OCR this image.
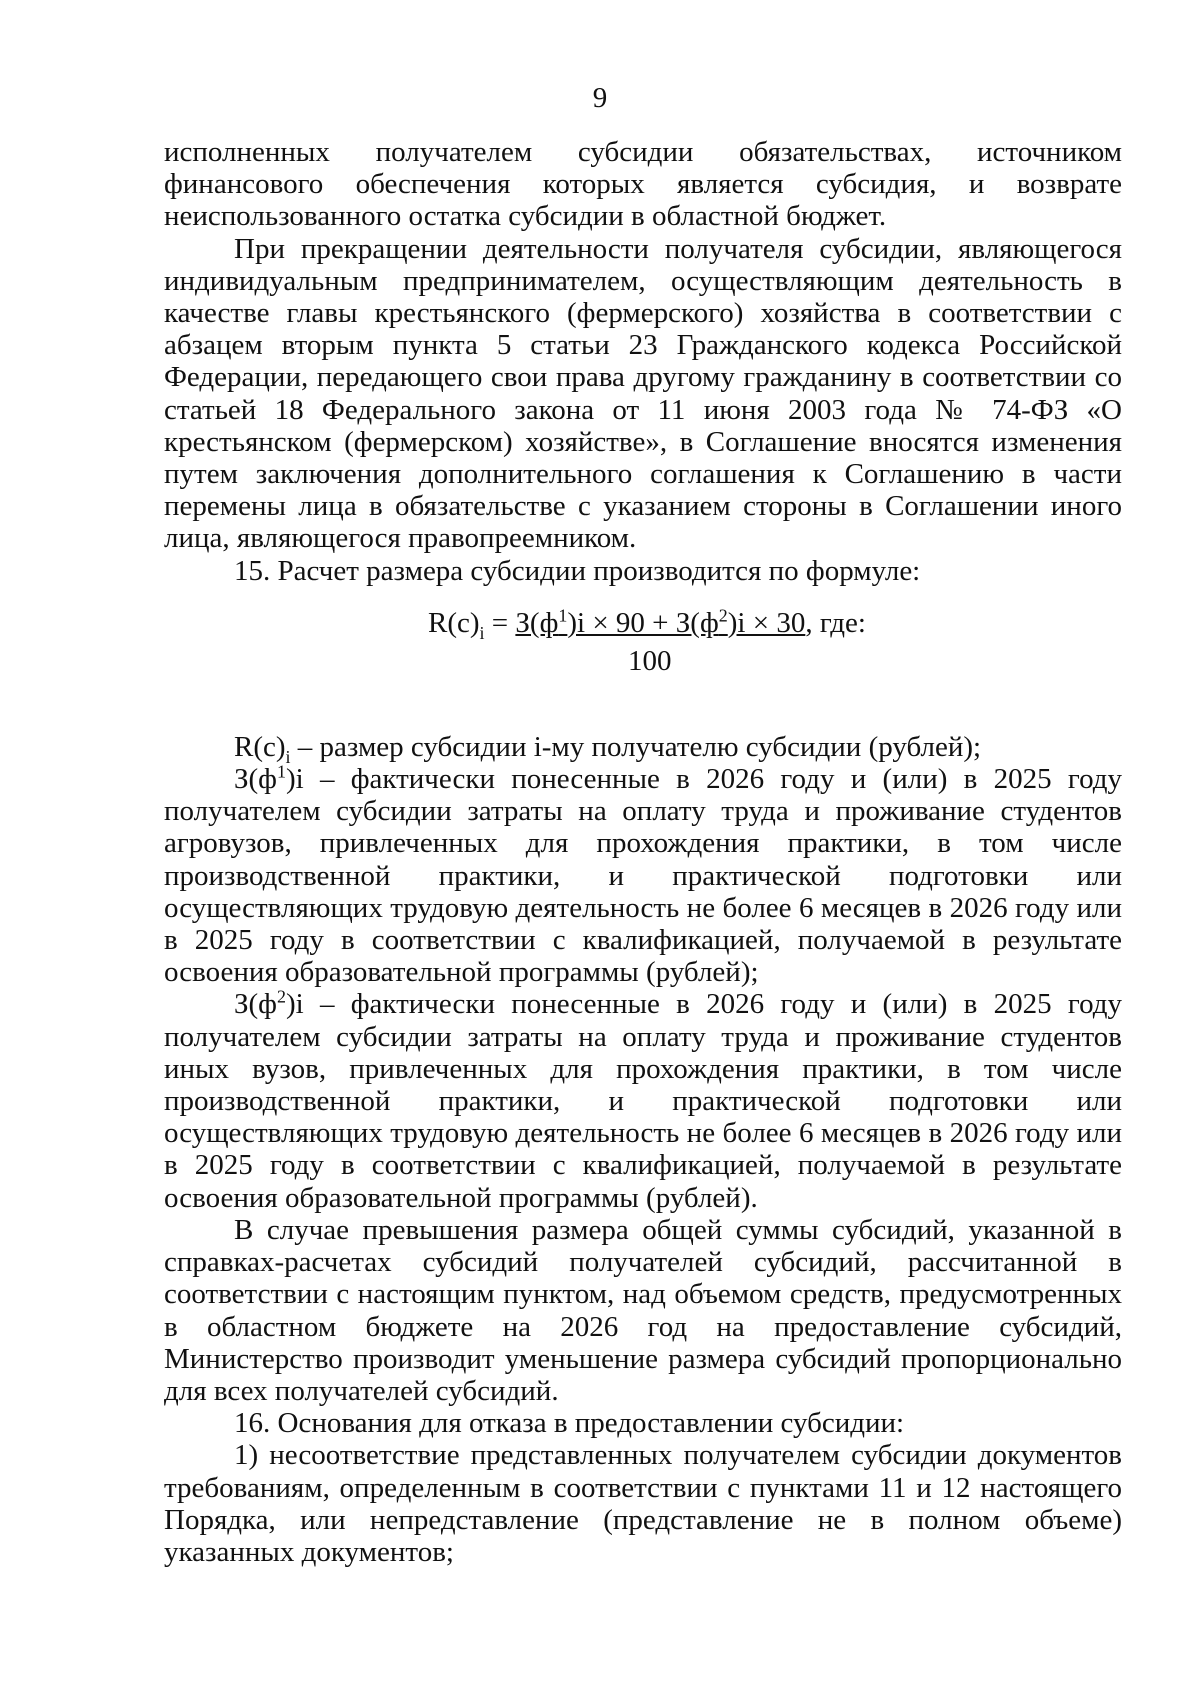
9

исполненных получателем субсидии обязательствах, источником финансового обеспечения которых является субсидия, и возврате неиспользованного остатка субсидии в областной бюджет.

При прекращении деятельности получателя субсидии, являющегося индивидуальным предпринимателем, осуществляющим деятельность в качестве главы крестьянского (фермерского) хозяйства в соответствии с абзацем вторым пункта 5 статьи 23 Гражданского кодекса Российской Федерации, передающего свои права другому гражданину в соответствии со статьей 18 Федерального закона от 11 июня 2003 года № 74-ФЗ «О крестьянском (фермерском) хозяйстве», в Соглашение вносятся изменения путем заключения дополнительного соглашения к Соглашению в части перемены лица в обязательстве с указанием стороны в Соглашении иного лица, являющегося правопреемником.

15. Расчет размера субсидии производится по формуле:

$R(c)_i = З(ф^1)i \times 90 + З(ф^2)i \times 30$, где:
100

$R(c)_i$ – размер субсидии i-му получателю субсидии (рублей);

$З(ф^1)i$ – фактически понесенные в 2026 году и (или) в 2025 году получателем субсидии затраты на оплату труда и проживание студентов агровузов, привлеченных для прохождения практики, в том числе производственной практики, и практической подготовки или осуществляющих трудовую деятельность не более 6 месяцев в 2026 году или в 2025 году в соответствии с квалификацией, получаемой в результате освоения образовательной программы (рублей);

$З(ф^2)i$ – фактически понесенные в 2026 году и (или) в 2025 году получателем субсидии затраты на оплату труда и проживание студентов иных вузов, привлеченных для прохождения практики, в том числе производственной практики, и практической подготовки или осуществляющих трудовую деятельность не более 6 месяцев в 2026 году или в 2025 году в соответствии с квалификацией, получаемой в результате освоения образовательной программы (рублей).

В случае превышения размера общей суммы субсидий, указанной в справках-расчетах субсидий получателей субсидий, рассчитанной в соответствии с настоящим пунктом, над объемом средств, предусмотренных в областном бюджете на 2026 год на предоставление субсидий, Министерство производит уменьшение размера субсидий пропорционально для всех получателей субсидий.

16. Основания для отказа в предоставлении субсидии:

1) несоответствие представленных получателем субсидии документов требованиям, определенным в соответствии с пунктами 11 и 12 настоящего Порядка, или непредставление (представление не в полном объеме) указанных документов;
